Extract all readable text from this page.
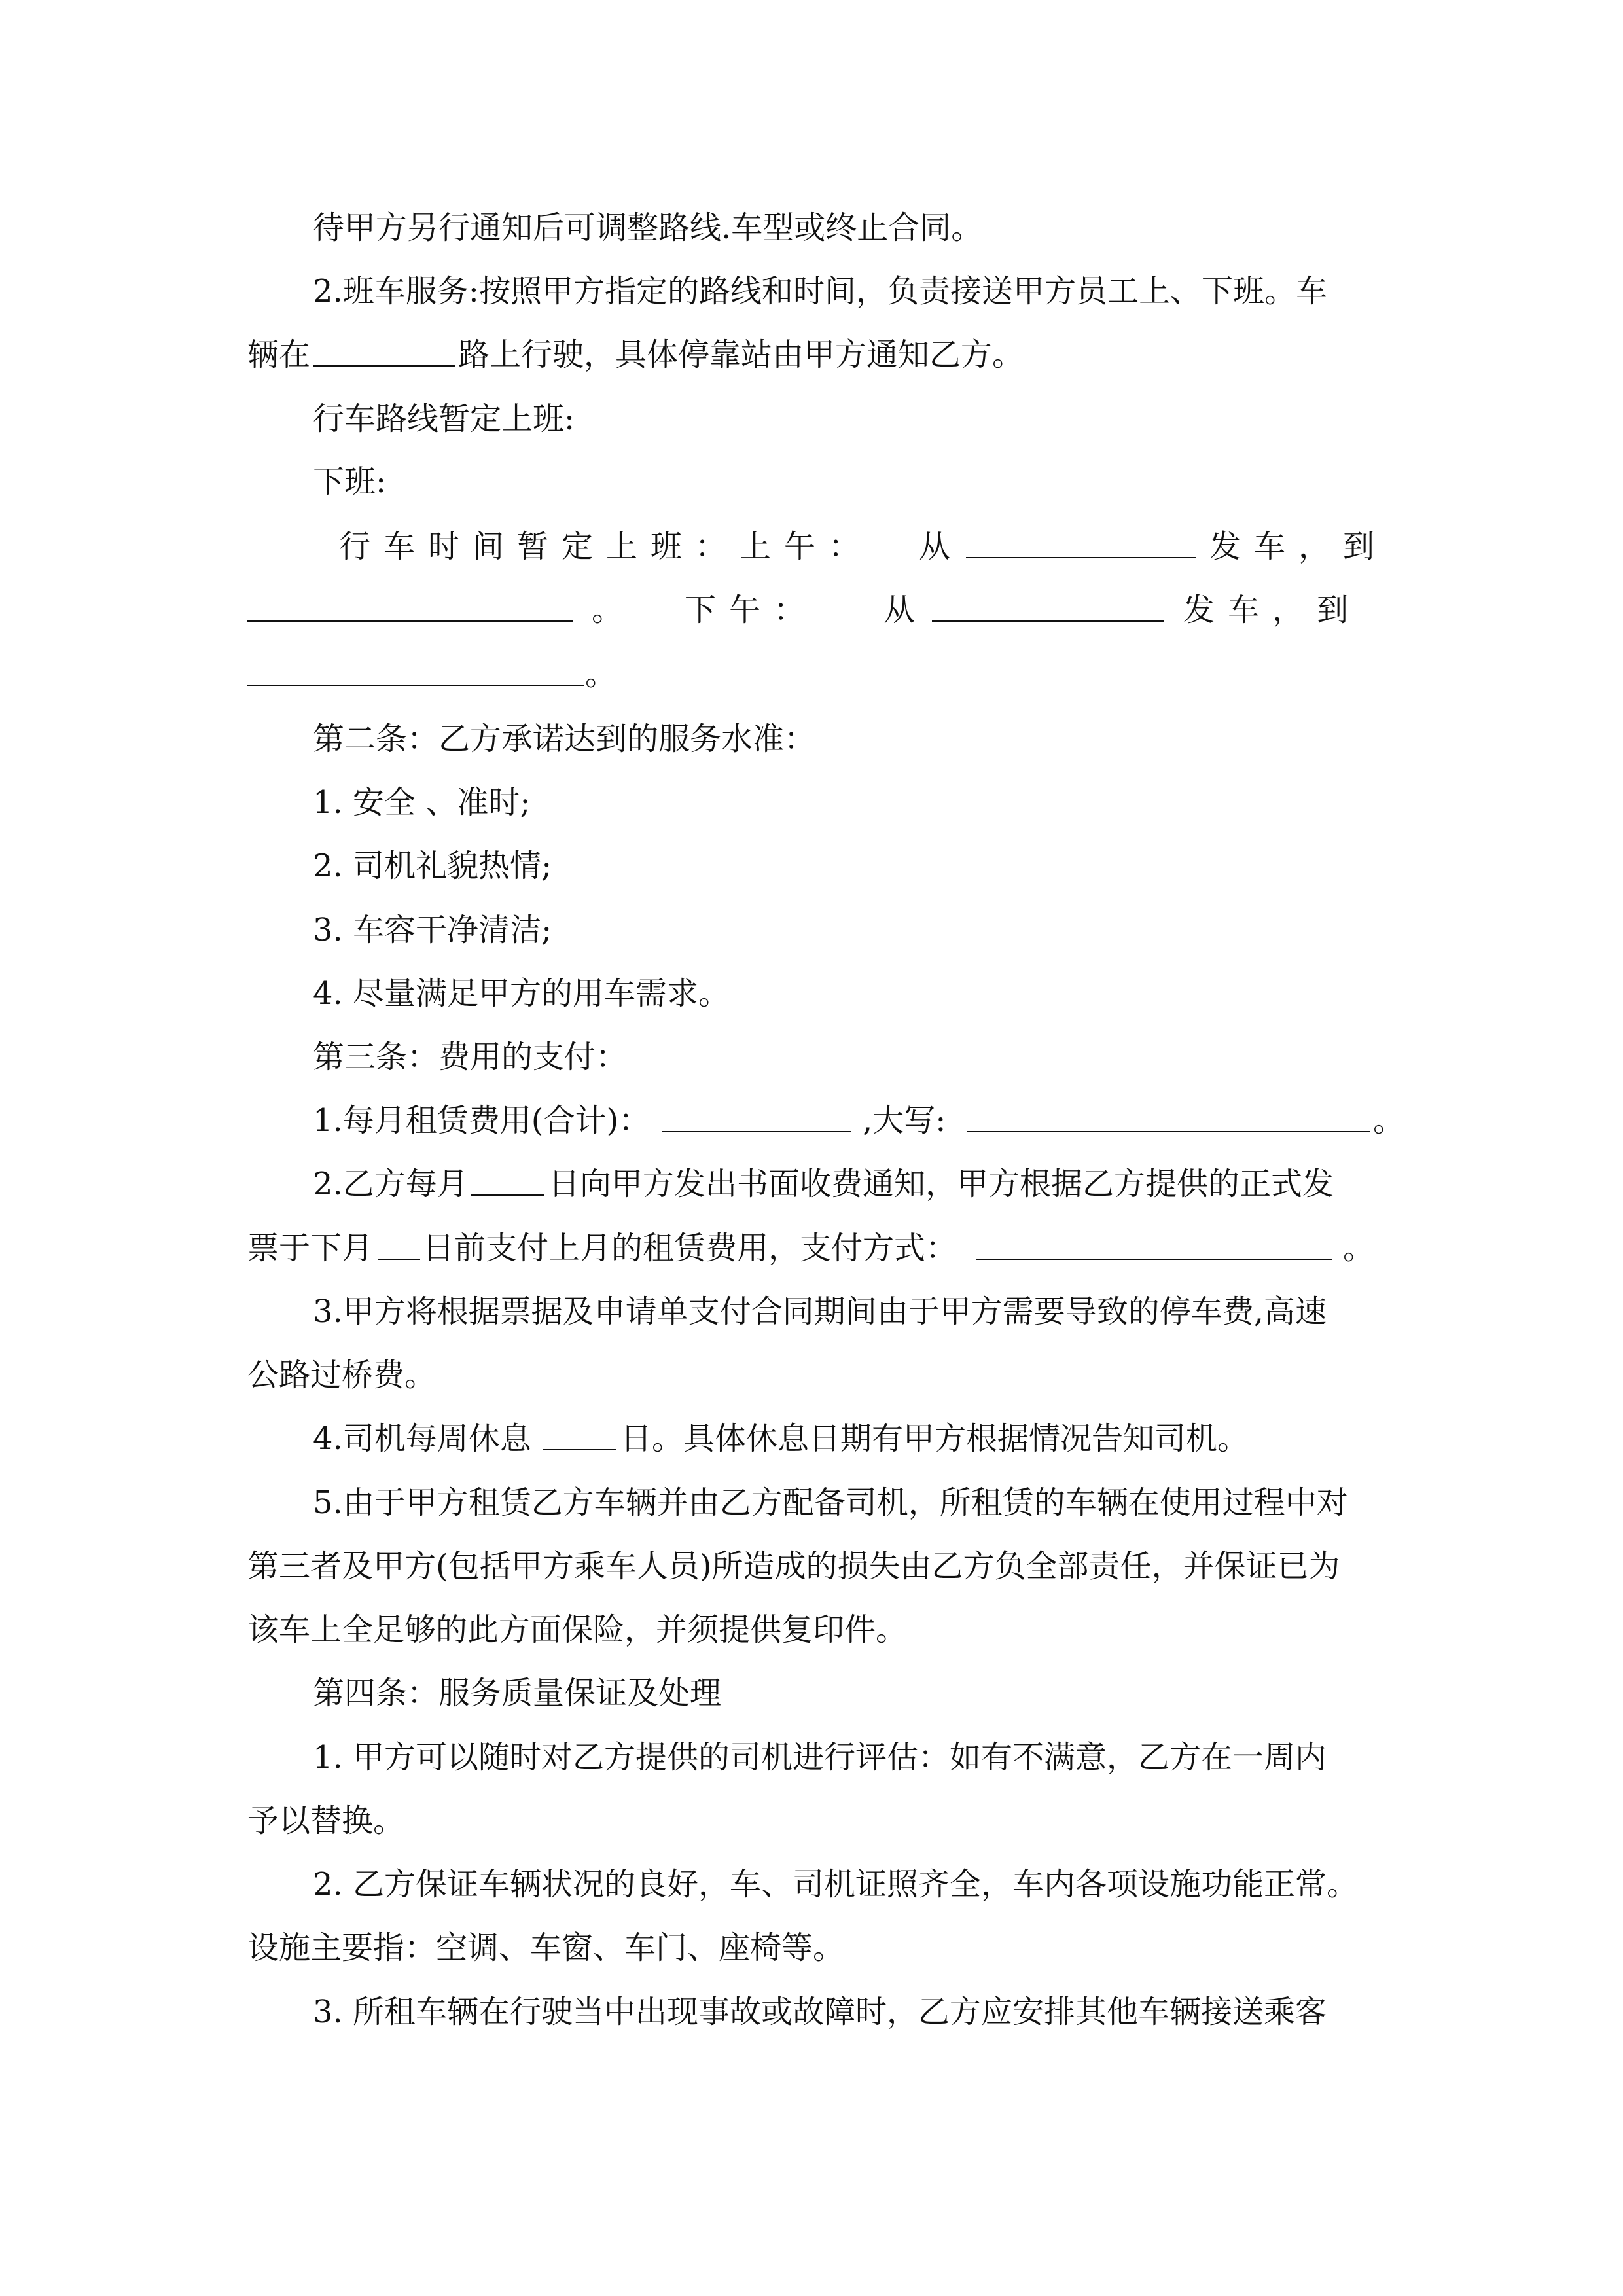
待甲方另行通知后可调整路线.车型或终止合同。
2.班车服务:按照甲方指定的路线和时间，负责接送甲方员工上、下班。车
辆在	路上行驶，具体停靠站由甲方通知乙方。
行车路线暂定上班:
下班:
行车时间暂定上班：上午： 从	发车，到
。 下午： 从	发车，到
。
第二条：乙方承诺达到的服务水准：
1. 安全 、准时;
2. 司机礼貌热情;
3. 车容干净清洁;
4. 尽量满足甲方的用车需求。
第三条：费用的支付：
1.每月租赁费用(合计)：	,大写:	。
2.乙方每月	日向甲方发出书面收费通知，甲方根据乙方提供的正式发
票于下月 日前支付上月的租赁费用，支付方式：	。
3.甲方将根据票据及申请单支付合同期间由于甲方需要导致的停车费,高速
公路过桥费。
4.司机每周休息	日。具体休息日期有甲方根据情况告知司机。
5.由于甲方租赁乙方车辆并由乙方配备司机，所租赁的车辆在使用过程中对
第三者及甲方(包括甲方乘车人员)所造成的损失由乙方负全部责任，并保证已为
该车上全足够的此方面保险，并须提供复印件。
第四条：服务质量保证及处理
1. 甲方可以随时对乙方提供的司机进行评估：如有不满意，乙方在一周内
予以替换。
2. 乙方保证车辆状况的良好，车、司机证照齐全，车内各项设施功能正常。
设施主要指：空调、车窗、车门、座椅等。
3. 所租车辆在行驶当中出现事故或故障时，乙方应安排其他车辆接送乘客
